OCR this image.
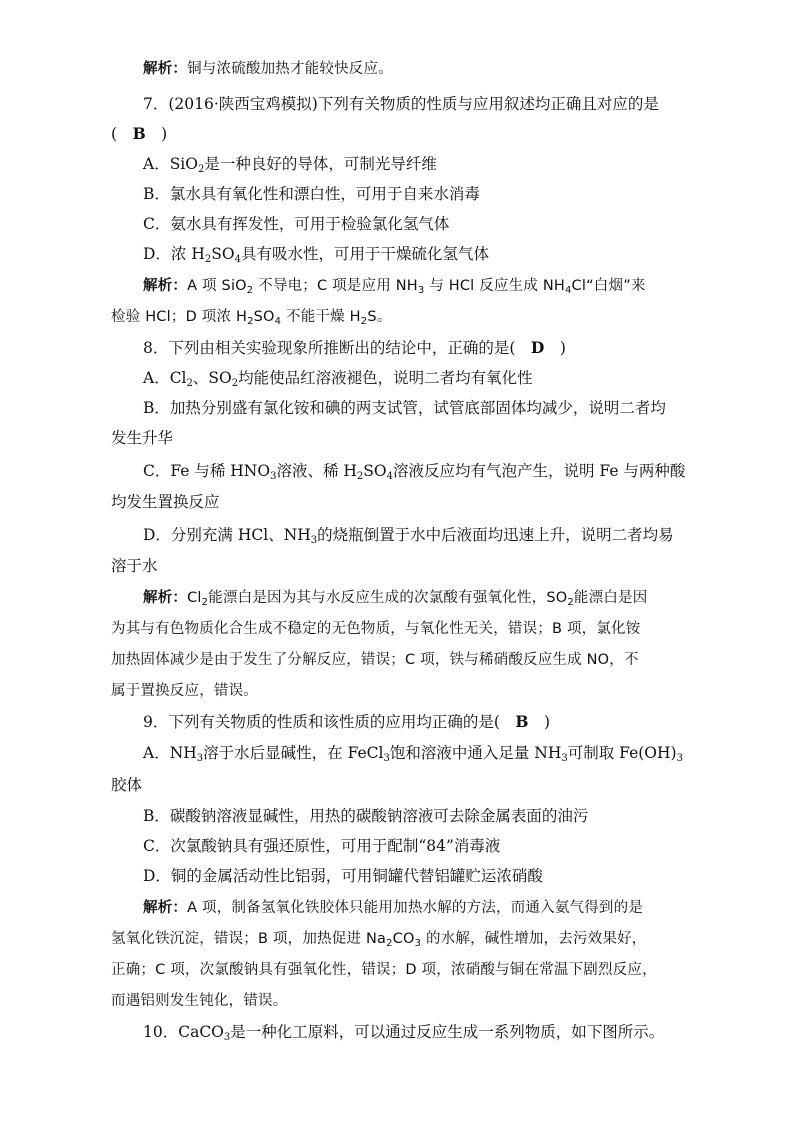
解析：铜与浓硫酸加热才能较快反应。
7．(2016·陕西宝鸡模拟)下列有关物质的性质与应用叙述均正确且对应的是
(　B　)
A．SiO$_2$是一种良好的导体，可制光导纤维
B．氯水具有氧化性和漂白性，可用于自来水消毒
C．氨水具有挥发性，可用于检验氯化氢气体
D．浓 $H_2SO_4$具有吸水性，可用于干燥硫化氢气体
解析：A 项 SiO$_2$ 不导电；C 项是应用 $NH_3$ 与 HCl 反应生成 $NH_4Cl“$白烟”来
检验 HCl；D 项浓 $H_2SO_4$ 不能干燥 $H_2S$。
8．下列由相关实验现象所推断出的结论中，正确的是(　D　)
A．$Cl_2$、$SO_2$均能使品红溶液褪色，说明二者均有氧化性
B．加热分别盛有氯化铵和碘的两支试管，试管底部固体均减少，说明二者均
发生升华
C．Fe 与稀 $HNO_3$溶液、稀 $H_2SO_4$溶液反应均有气泡产生，说明 Fe 与两种酸
均发生置换反应
D．分别充满 HCl、$NH_3$的烧瓶倒置于水中后液面均迅速上升，说明二者均易
溶于水
解析：$Cl_2$能漂白是因为其与水反应生成的次氯酸有强氧化性，$SO_2$能漂白是因
为其与有色物质化合生成不稳定的无色物质，与氧化性无关，错误；B 项，氯化铵
加热固体减少是由于发生了分解反应，错误；C 项，铁与稀硝酸反应生成 NO，不
属于置换反应，错误。
9．下列有关物质的性质和该性质的应用均正确的是(　B　)
A．$NH_3$溶于水后显碱性，在 FeCl$_3$饱和溶液中通入足量 $NH_3$可制取 $Fe(OH)_3$
胶体
B．碳酸钠溶液显碱性，用热的碳酸钠溶液可去除金属表面的油污
C．次氯酸钠具有强还原性，可用于配制“84”消毒液
D．铜的金属活动性比铝弱，可用铜罐代替铝罐贮运浓硝酸
解析：A 项，制备氢氧化铁胶体只能用加热水解的方法，而通入氨气得到的是
氢氧化铁沉淀，错误；B 项，加热促进 $Na_2CO_3$ 的水解，碱性增加，去污效果好，
正确；C 项，次氯酸钠具有强氧化性，错误；D 项，浓硝酸与铜在常温下剧烈反应，
而遇铝则发生钝化，错误。
10．CaCO$_3$是一种化工原料，可以通过反应生成一系列物质，如下图所示。
